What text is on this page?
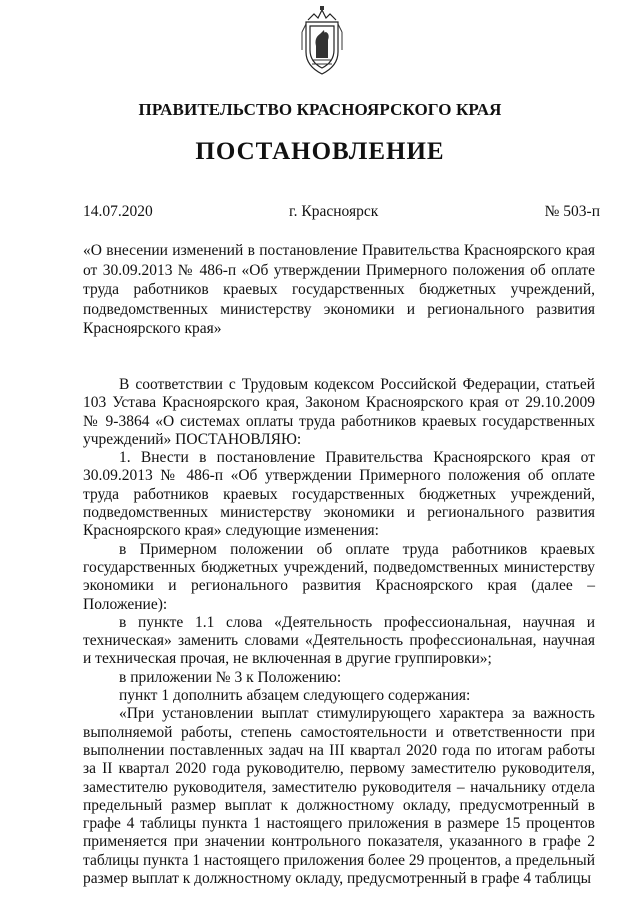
ПРАВИТЕЛЬСТВО КРАСНОЯРСКОГО КРАЯ
ПОСТАНОВЛЕНИЕ
14.07.2020	г. Красноярск	№ 503-п
«О внесении изменений в постановление Правительства Красноярского края от 30.09.2013 № 486-п «Об утверждении Примерного положения об оплате труда работников краевых государственных бюджетных учреждений, подведомственных министерству экономики и регионального развития Красноярского края»

В соответствии с Трудовым кодексом Российской Федерации, статьей 103 Устава Красноярского края, Законом Красноярского края от 29.10.2009 № 9-3864 «О системах оплаты труда работников краевых государственных учреждений» ПОСТАНОВЛЯЮ:

1. Внести в постановление Правительства Красноярского края от 30.09.2013 № 486-п «Об утверждении Примерного положения об оплате труда работников краевых государственных бюджетных учреждений, подведомственных министерству экономики и регионального развития Красноярского края» следующие изменения:

в Примерном положении об оплате труда работников краевых государственных бюджетных учреждений, подведомственных министерству экономики и регионального развития Красноярского края (далее – Положение):

в пункте 1.1 слова «Деятельность профессиональная, научная и техническая» заменить словами «Деятельность профессиональная, научная и техническая прочая, не включенная в другие группировки»;

в приложении № 3 к Положению:

пункт 1 дополнить абзацем следующего содержания:

«При установлении выплат стимулирующего характера за важность выполняемой работы, степень самостоятельности и ответственности при выполнении поставленных задач на III квартал 2020 года по итогам работы за II квартал 2020 года руководителю, первому заместителю руководителя, заместителю руководителя, заместителю руководителя – начальнику отдела предельный размер выплат к должностному окладу, предусмотренный в графе 4 таблицы пункта 1 настоящего приложения в размере 15 процентов применяется при значении контрольного показателя, указанного в графе 2 таблицы пункта 1 настоящего приложения более 29 процентов, а предельный размер выплат к должностному окладу, предусмотренный в графе 4 таблицы
